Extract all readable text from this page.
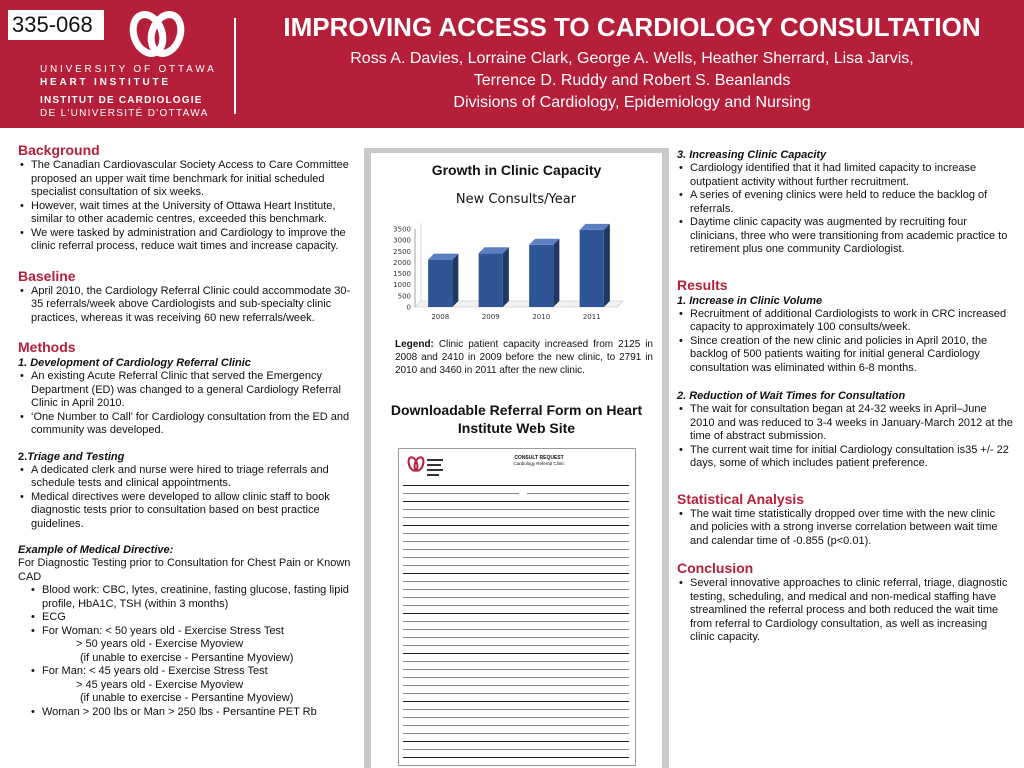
335-068
UNIVERSITY OF OTTAWA
HEART INSTITUTE
INSTITUT DE CARDIOLOGIE
DE L'UNIVERSITÉ D'OTTAWA
IMPROVING ACCESS TO CARDIOLOGY CONSULTATION
Ross A. Davies, Lorraine Clark, George A. Wells, Heather Sherrard, Lisa Jarvis,
Terrence D. Ruddy and Robert S. Beanlands
Divisions of Cardiology, Epidemiology and Nursing
Background
• The Canadian Cardiovascular Society Access to Care Committee proposed an upper wait time benchmark for initial scheduled specialist consultation of six weeks.
• However, wait times at the University of Ottawa Heart Institute, similar to other academic centres, exceeded this benchmark.
• We were tasked by administration and Cardiology to improve the clinic referral process, reduce wait times and increase capacity.
Baseline
• April 2010, the Cardiology Referral Clinic could accommodate 30-35 referrals/week above Cardiologists and sub-specialty clinic practices, whereas it was receiving 60 new referrals/week.
Methods
1. Development of Cardiology Referral Clinic
• An existing Acute Referral Clinic that served the Emergency Department (ED) was changed to a general Cardiology Referral Clinic in April 2010.
• ‘One Number to Call’ for Cardiology consultation from the ED and community was developed.
2.Triage and Testing
• A dedicated clerk and nurse were hired to triage referrals and schedule tests and clinical appointments.
• Medical directives were developed to allow clinic staff to book diagnostic tests prior to consultation based on best practice guidelines.
Example of Medical Directive:
For Diagnostic Testing prior to Consultation for Chest Pain or Known CAD
• Blood work: CBC, lytes, creatinine, fasting glucose, fasting lipid profile, HbA1C, TSH (within 3 months)
• ECG
• For Woman: < 50 years old - Exercise Stress Test
> 50 years old - Exercise Myoview
(if unable to exercise - Persantine Myoview)
• For Man: < 45 years old - Exercise Stress Test
> 45 years old - Exercise Myoview
(if unable to exercise - Persantine Myoview)
• Woman > 200 lbs or Man > 250 lbs - Persantine PET Rb
Growth in Clinic Capacity
New Consults/Year
0
500
1000
1500
2000
2500
3000
3500
2008	2009	2010	2011
Legend: Clinic patient capacity increased from 2125 in 2008 and 2410 in 2009 before the new clinic, to 2791 in 2010 and 3460 in 2011 after the new clinic.
Downloadable Referral Form on Heart Institute Web Site
CONSULT REQUEST
Cardiology Referral Clinic
3. Increasing Clinic Capacity
• Cardiology identified that it had limited capacity to increase outpatient activity without further recruitment.
• A series of evening clinics were held to reduce the backlog of referrals.
• Daytime clinic capacity was augmented by recruiting four clinicians, three who were transitioning from academic practice to retirement plus one community Cardiologist.
Results
1. Increase in Clinic Volume
• Recruitment of additional Cardiologists to work in CRC increased capacity to approximately 100 consults/week.
• Since creation of the new clinic and policies in April 2010, the backlog of 500 patients waiting for initial general Cardiology consultation was eliminated within 6-8 months.
2. Reduction of Wait Times for Consultation
• The wait for consultation began at 24-32 weeks in April–June 2010 and was reduced to 3-4 weeks in January-March 2012 at the time of abstract submission.
• The current wait time for initial Cardiology consultation is35 +/- 22 days, some of which includes patient preference.
Statistical Analysis
• The wait time statistically dropped over time with the new clinic and policies with a strong inverse correlation between wait time and calendar time of -0.855 (p<0.01).
Conclusion
• Several innovative approaches to clinic referral, triage, diagnostic testing, scheduling, and medical and non-medical staffing have streamlined the referral process and both reduced the wait time from referral to Cardiology consultation, as well as increasing clinic capacity.
